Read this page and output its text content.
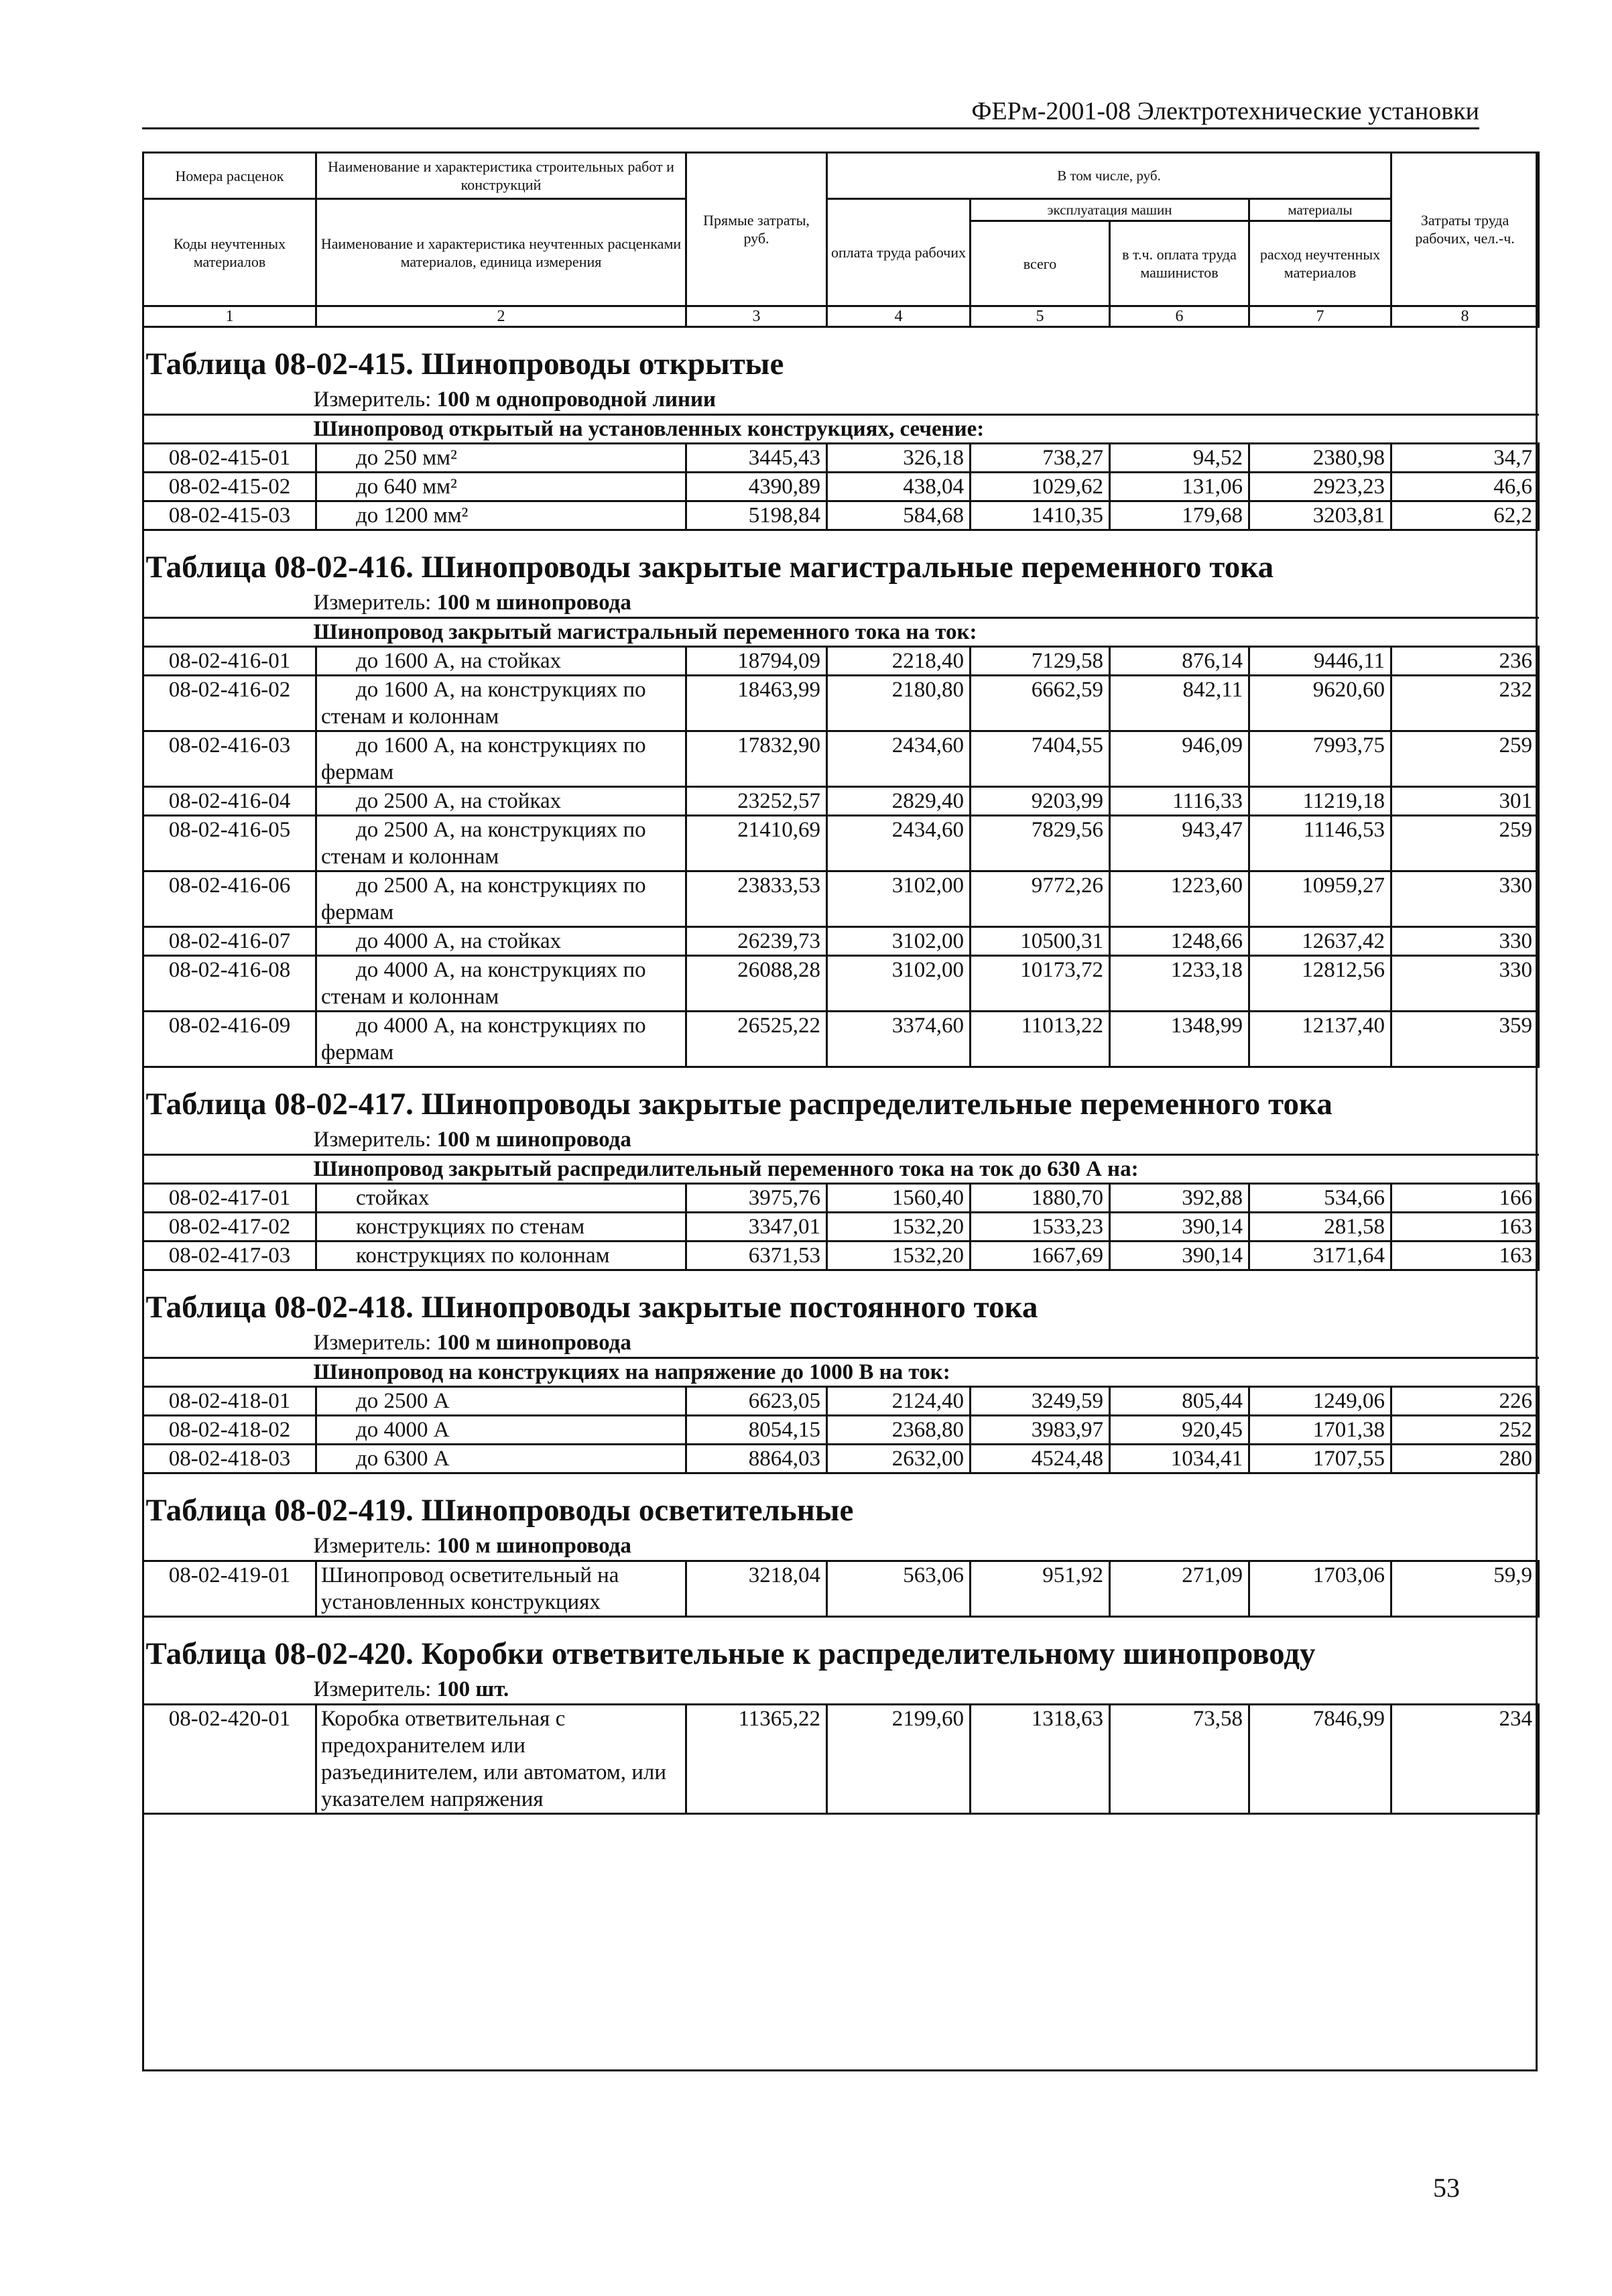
ФЕРм-2001-08 Электротехнические установки
Номера расценок	Наименование и характеристика строительных работ и конструкций	Прямые затраты, руб.	В том числе, руб.				Затраты труда рабочих, чел.-ч.
Коды неучтенных материалов	Наименование и характеристика неучтенных расценками материалов, единица измерения		оплата труда рабочих	эксплуатация машин		материалы	
				всего	в т.ч. оплата труда машинистов	расход неучтенных материалов	
1	2	3	4	5	6	7	8

Таблица 08-02-415. Шинопроводы открытые							
Измеритель: 100 м однопроводной линии							
Шинопровод открытый на установленных конструкциях, сечение:							
08-02-415-01	до 250 мм²	3445,43	326,18	738,27	94,52	2380,98	34,7
08-02-415-02	до 640 мм²	4390,89	438,04	1029,62	131,06	2923,23	46,6
08-02-415-03	до 1200 мм²	5198,84	584,68	1410,35	179,68	3203,81	62,2

Таблица 08-02-416. Шинопроводы закрытые магистральные переменного тока							
Измеритель: 100 м шинопровода							
Шинопровод закрытый магистральный переменного тока на ток:							
08-02-416-01	до 1600 А, на стойках	18794,09	2218,40	7129,58	876,14	9446,11	236
08-02-416-02	до 1600 А, на конструкциях по стенам и колоннам	18463,99	2180,80	6662,59	842,11	9620,60	232
08-02-416-03	до 1600 А, на конструкциях по фермам	17832,90	2434,60	7404,55	946,09	7993,75	259
08-02-416-04	до 2500 А, на стойках	23252,57	2829,40	9203,99	1116,33	11219,18	301
08-02-416-05	до 2500 А, на конструкциях по стенам и колоннам	21410,69	2434,60	7829,56	943,47	11146,53	259
08-02-416-06	до 2500 А, на конструкциях по фермам	23833,53	3102,00	9772,26	1223,60	10959,27	330
08-02-416-07	до 4000 А, на стойках	26239,73	3102,00	10500,31	1248,66	12637,42	330
08-02-416-08	до 4000 А, на конструкциях по стенам и колоннам	26088,28	3102,00	10173,72	1233,18	12812,56	330
08-02-416-09	до 4000 А, на конструкциях по фермам	26525,22	3374,60	11013,22	1348,99	12137,40	359

Таблица 08-02-417. Шинопроводы закрытые распределительные переменного тока							
Измеритель: 100 м шинопровода							
Шинопровод закрытый распредилительный переменного тока на ток до 630 А на:							
08-02-417-01	стойках	3975,76	1560,40	1880,70	392,88	534,66	166
08-02-417-02	конструкциях по стенам	3347,01	1532,20	1533,23	390,14	281,58	163
08-02-417-03	конструкциях по колоннам	6371,53	1532,20	1667,69	390,14	3171,64	163

Таблица 08-02-418. Шинопроводы закрытые постоянного тока							
Измеритель: 100 м шинопровода							
Шинопровод на конструкциях на напряжение до 1000 В на ток:							
08-02-418-01	до 2500 А	6623,05	2124,40	3249,59	805,44	1249,06	226
08-02-418-02	до 4000 А	8054,15	2368,80	3983,97	920,45	1701,38	252
08-02-418-03	до 6300 А	8864,03	2632,00	4524,48	1034,41	1707,55	280

Таблица 08-02-419. Шинопроводы осветительные							
Измеритель: 100 м шинопровода							
08-02-419-01	Шинопровод осветительный на установленных конструкциях	3218,04	563,06	951,92	271,09	1703,06	59,9

Таблица 08-02-420. Коробки ответвительные к распределительному шинопроводу							
Измеритель: 100 шт.							
08-02-420-01	Коробка ответвительная с предохранителем или разъединителем, или автоматом, или указателем напряжения	11365,22	2199,60	1318,63	73,58	7846,99	234
53
